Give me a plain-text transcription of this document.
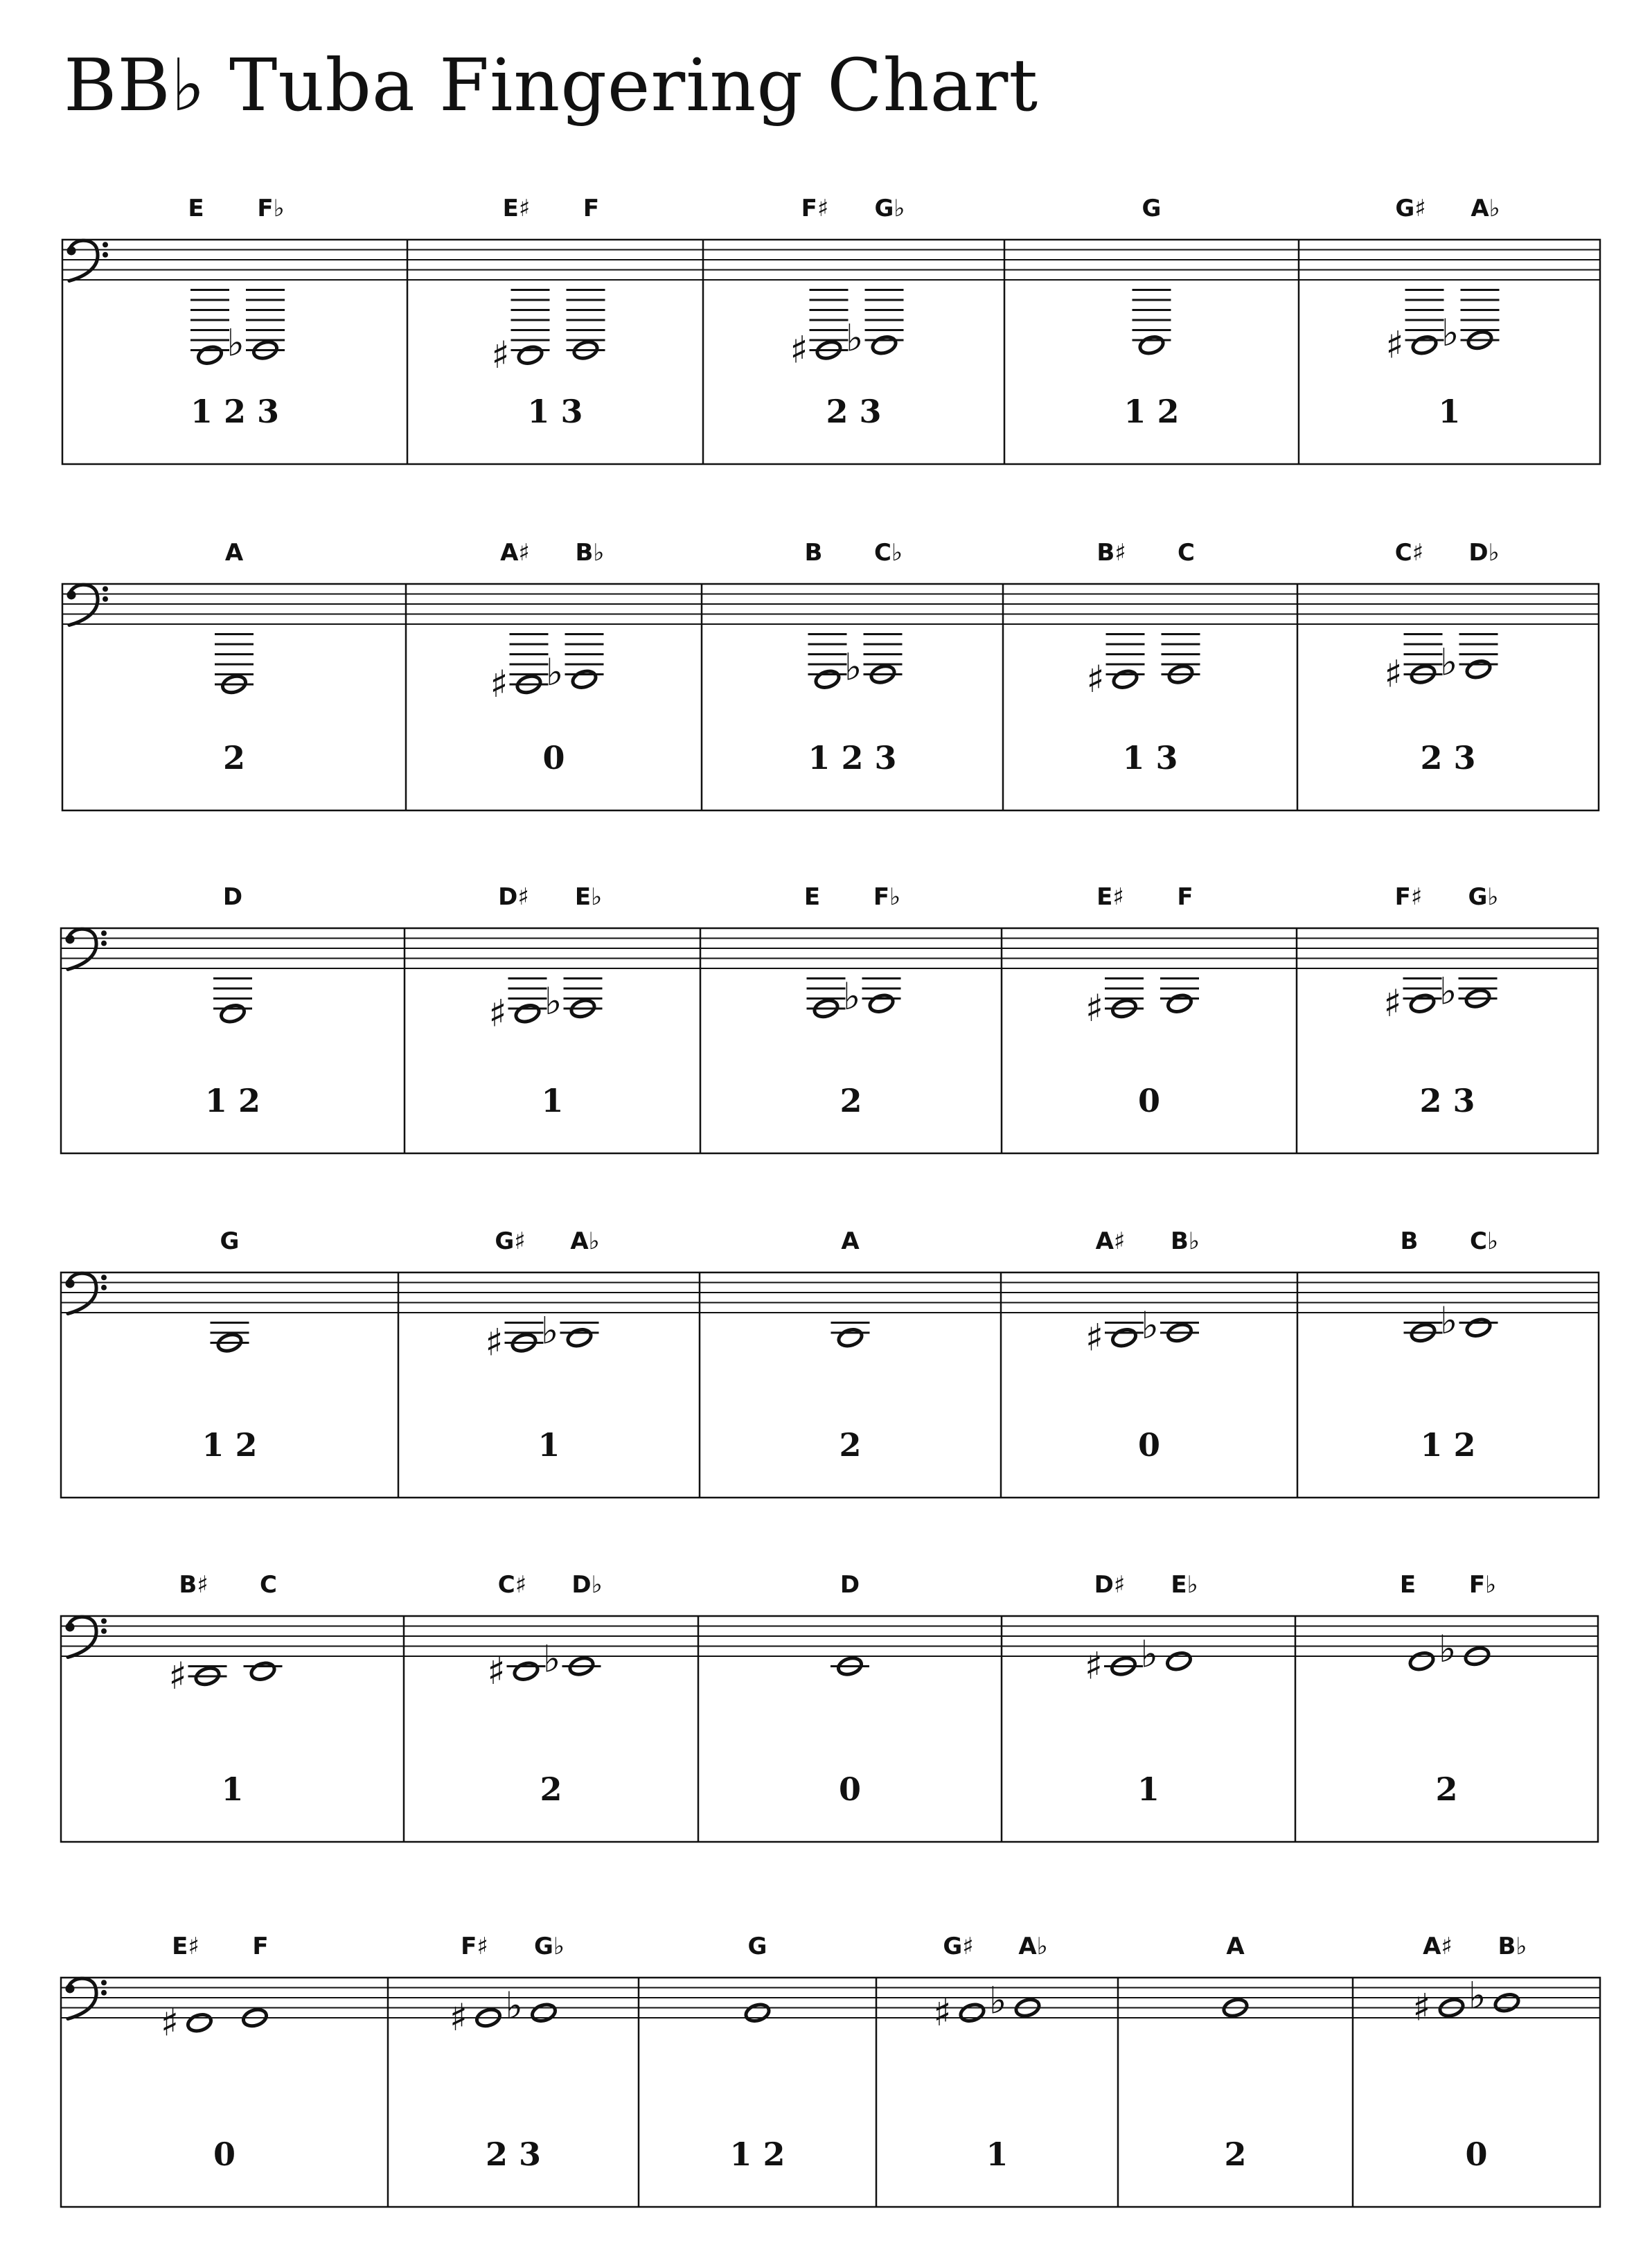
BB♭ Tuba Fingering Chart
E F♭
♭
1 2 3
E♯ F
♯
1 3
F♯ G♭
♯ ♭
2 3
G
1 2
G♯ A♭
♯ ♭
1
A
2
A♯ B♭
♯ ♭
0
B C♭
♭
1 2 3
B♯ C
♯
1 3
C♯ D♭
♯ ♭
2 3
D
1 2
D♯ E♭
♯ ♭
1
E F♭
♭
2
E♯ F
♯
0
F♯ G♭
♯ ♭
2 3
G
1 2
G♯ A♭
♯ ♭
1
A
2
A♯ B♭
♯ ♭
0
B C♭
♭
1 2
B♯ C
♯
1
C♯ D♭
♯ ♭
2
D
0
D♯ E♭
♯ ♭
1
E F♭
♭
2
E♯ F
♯
0
F♯ G♭
♯ ♭
2 3
G
1 2
G♯ A♭
♯ ♭
1
A
2
A♯ B♭
♯ ♭
0
